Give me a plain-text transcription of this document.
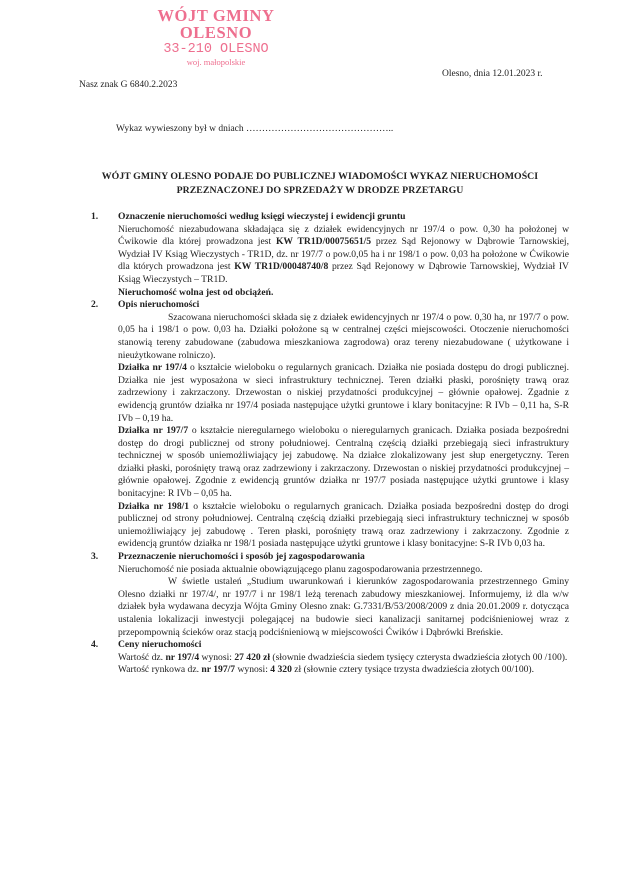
WÓJT GMINY
OLESNO
33-210 OLESNO
woj. małopolskie
Nasz znak G 6840.2.2023
Olesno, dnia 12.01.2023 r.
Wykaz wywieszony był w dniach ………………………………………..
WÓJT GMINY OLESNO PODAJE DO PUBLICZNEJ WIADOMOŚCI WYKAZ NIERUCHOMOŚCI
PRZEZNACZONEJ DO SPRZEDAŻY W DRODZE PRZETARGU
1. Oznaczenie nieruchomości według księgi wieczystej i ewidencji gruntu

Nieruchomość niezabudowana składająca się z działek ewidencyjnych nr 197/4 o pow. 0,30 ha położonej w Ćwikowie dla której prowadzona jest KW TR1D/00075651/5 przez Sąd Rejonowy w Dąbrowie Tarnowskiej, Wydział IV Ksiąg Wieczystych - TR1D, dz. nr 197/7 o pow.0,05 ha i nr 198/1 o pow. 0,03 ha położone w Ćwikowie dla których prowadzona jest KW TR1D/00048740/8 przez Sąd Rejonowy w Dąbrowie Tarnowskiej, Wydział IV Ksiąg Wieczystych – TR1D.

Nieruchomość wolna jest od obciążeń.

2. Opis nieruchomości

Szacowana nieruchomości składa się z działek ewidencyjnych nr 197/4 o pow. 0,30 ha, nr 197/7 o pow. 0,05 ha i 198/1 o pow. 0,03 ha. Działki położone są w centralnej części miejscowości. Otoczenie nieruchomości stanowią tereny zabudowane (zabudowa mieszkaniowa zagrodowa) oraz tereny niezabudowane ( użytkowane i nieużytkowane rolniczo).

Działka nr 197/4 o kształcie wieloboku o regularnych granicach. Działka nie posiada dostępu do drogi publicznej. Działka nie jest wyposażona w sieci infrastruktury technicznej. Teren działki płaski, porośnięty trawą oraz zadrzewiony i zakrzaczony. Drzewostan o niskiej przydatności produkcyjnej – głównie opałowej. Zgadnie z ewidencją gruntów działka nr 197/4 posiada następujące użytki gruntowe i klary bonitacyjne: R IVb – 0,11 ha, S-R IVb – 0,19 ha.

Działka nr 197/7 o kształcie nieregularnego wieloboku o nieregularnych granicach. Działka posiada bezpośredni dostęp do drogi publicznej od strony południowej. Centralną częścią działki przebiegają sieci infrastruktury technicznej w sposób uniemożliwiający jej zabudowę. Na działce zlokalizowany jest słup energetyczny. Teren działki płaski, porośnięty trawą oraz zadrzewiony i zakrzaczony. Drzewostan o niskiej przydatności produkcyjnej – głównie opałowej. Zgodnie z ewidencją gruntów działka nr 197/7 posiada następujące użytki gruntowe i klasy bonitacyjne: R IVb – 0,05 ha.

Działka nr 198/1 o kształcie wieloboku o regularnych granicach. Działka posiada bezpośredni dostęp do drogi publicznej od strony południowej. Centralną częścią działki przebiegają sieci infrastruktury technicznej w sposób uniemożliwiający jej zabudowę . Teren płaski, porośnięty trawą oraz zadrzewiony i zakrzaczony. Zgodnie z ewidencją gruntów działka nr 198/1 posiada następujące użytki gruntowe i klasy bonitacyjne: S-R IVb 0,03 ha.

3. Przeznaczenie nieruchomości i sposób jej zagospodarowania

Nieruchomość nie posiada aktualnie obowiązującego planu zagospodarowania przestrzennego.

W świetle ustaleń „Studium uwarunkowań i kierunków zagospodarowania przestrzennego Gminy Olesno działki nr 197/4/, nr 197/7 i nr 198/1 leżą terenach zabudowy mieszkaniowej. Informujemy, iż dla w/w działek była wydawana decyzja Wójta Gminy Olesno znak: G.7331/B/53/2008/2009 z dnia 20.01.2009 r. dotycząca ustalenia lokalizacji inwestycji polegającej na budowie sieci kanalizacji sanitarnej podciśnieniowej wraz z przepompownią ścieków oraz stacją podciśnieniową w miejscowości Ćwików i Dąbrówki Breńskie.

4. Ceny nieruchomości

Wartość dz. nr 197/4 wynosi: 27 420 zł (słownie dwadzieścia siedem tysięcy czterysta dwadzieścia złotych 00 /100).

Wartość rynkowa dz. nr 197/7 wynosi: 4 320 zł (słownie cztery tysiące trzysta dwadzieścia złotych 00/100).
